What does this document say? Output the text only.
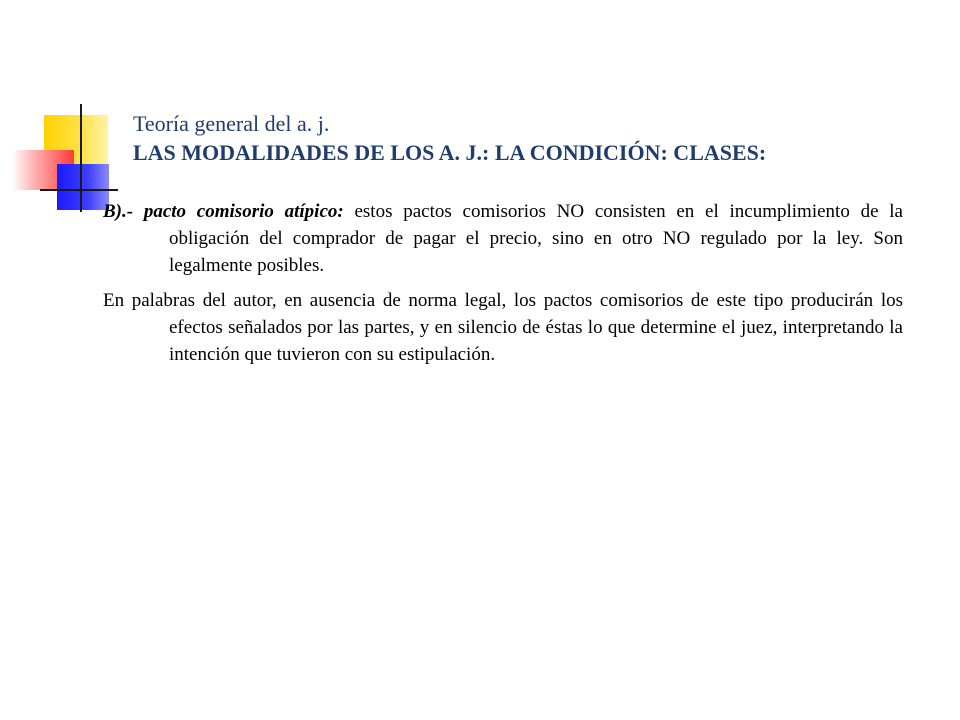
Teoría general del a. j.
LAS MODALIDADES DE LOS A. J.: LA CONDICIÓN: CLASES:

B).- pacto comisorio atípico: estos pactos comisorios NO consisten en el incumplimiento de la obligación del comprador de pagar el precio, sino en otro NO regulado por la ley. Son legalmente posibles.

En palabras del autor, en ausencia de norma legal, los pactos comisorios de este tipo producirán los efectos señalados por las partes, y en silencio de éstas lo que determine el juez, interpretando la intención que tuvieron con su estipulación.
